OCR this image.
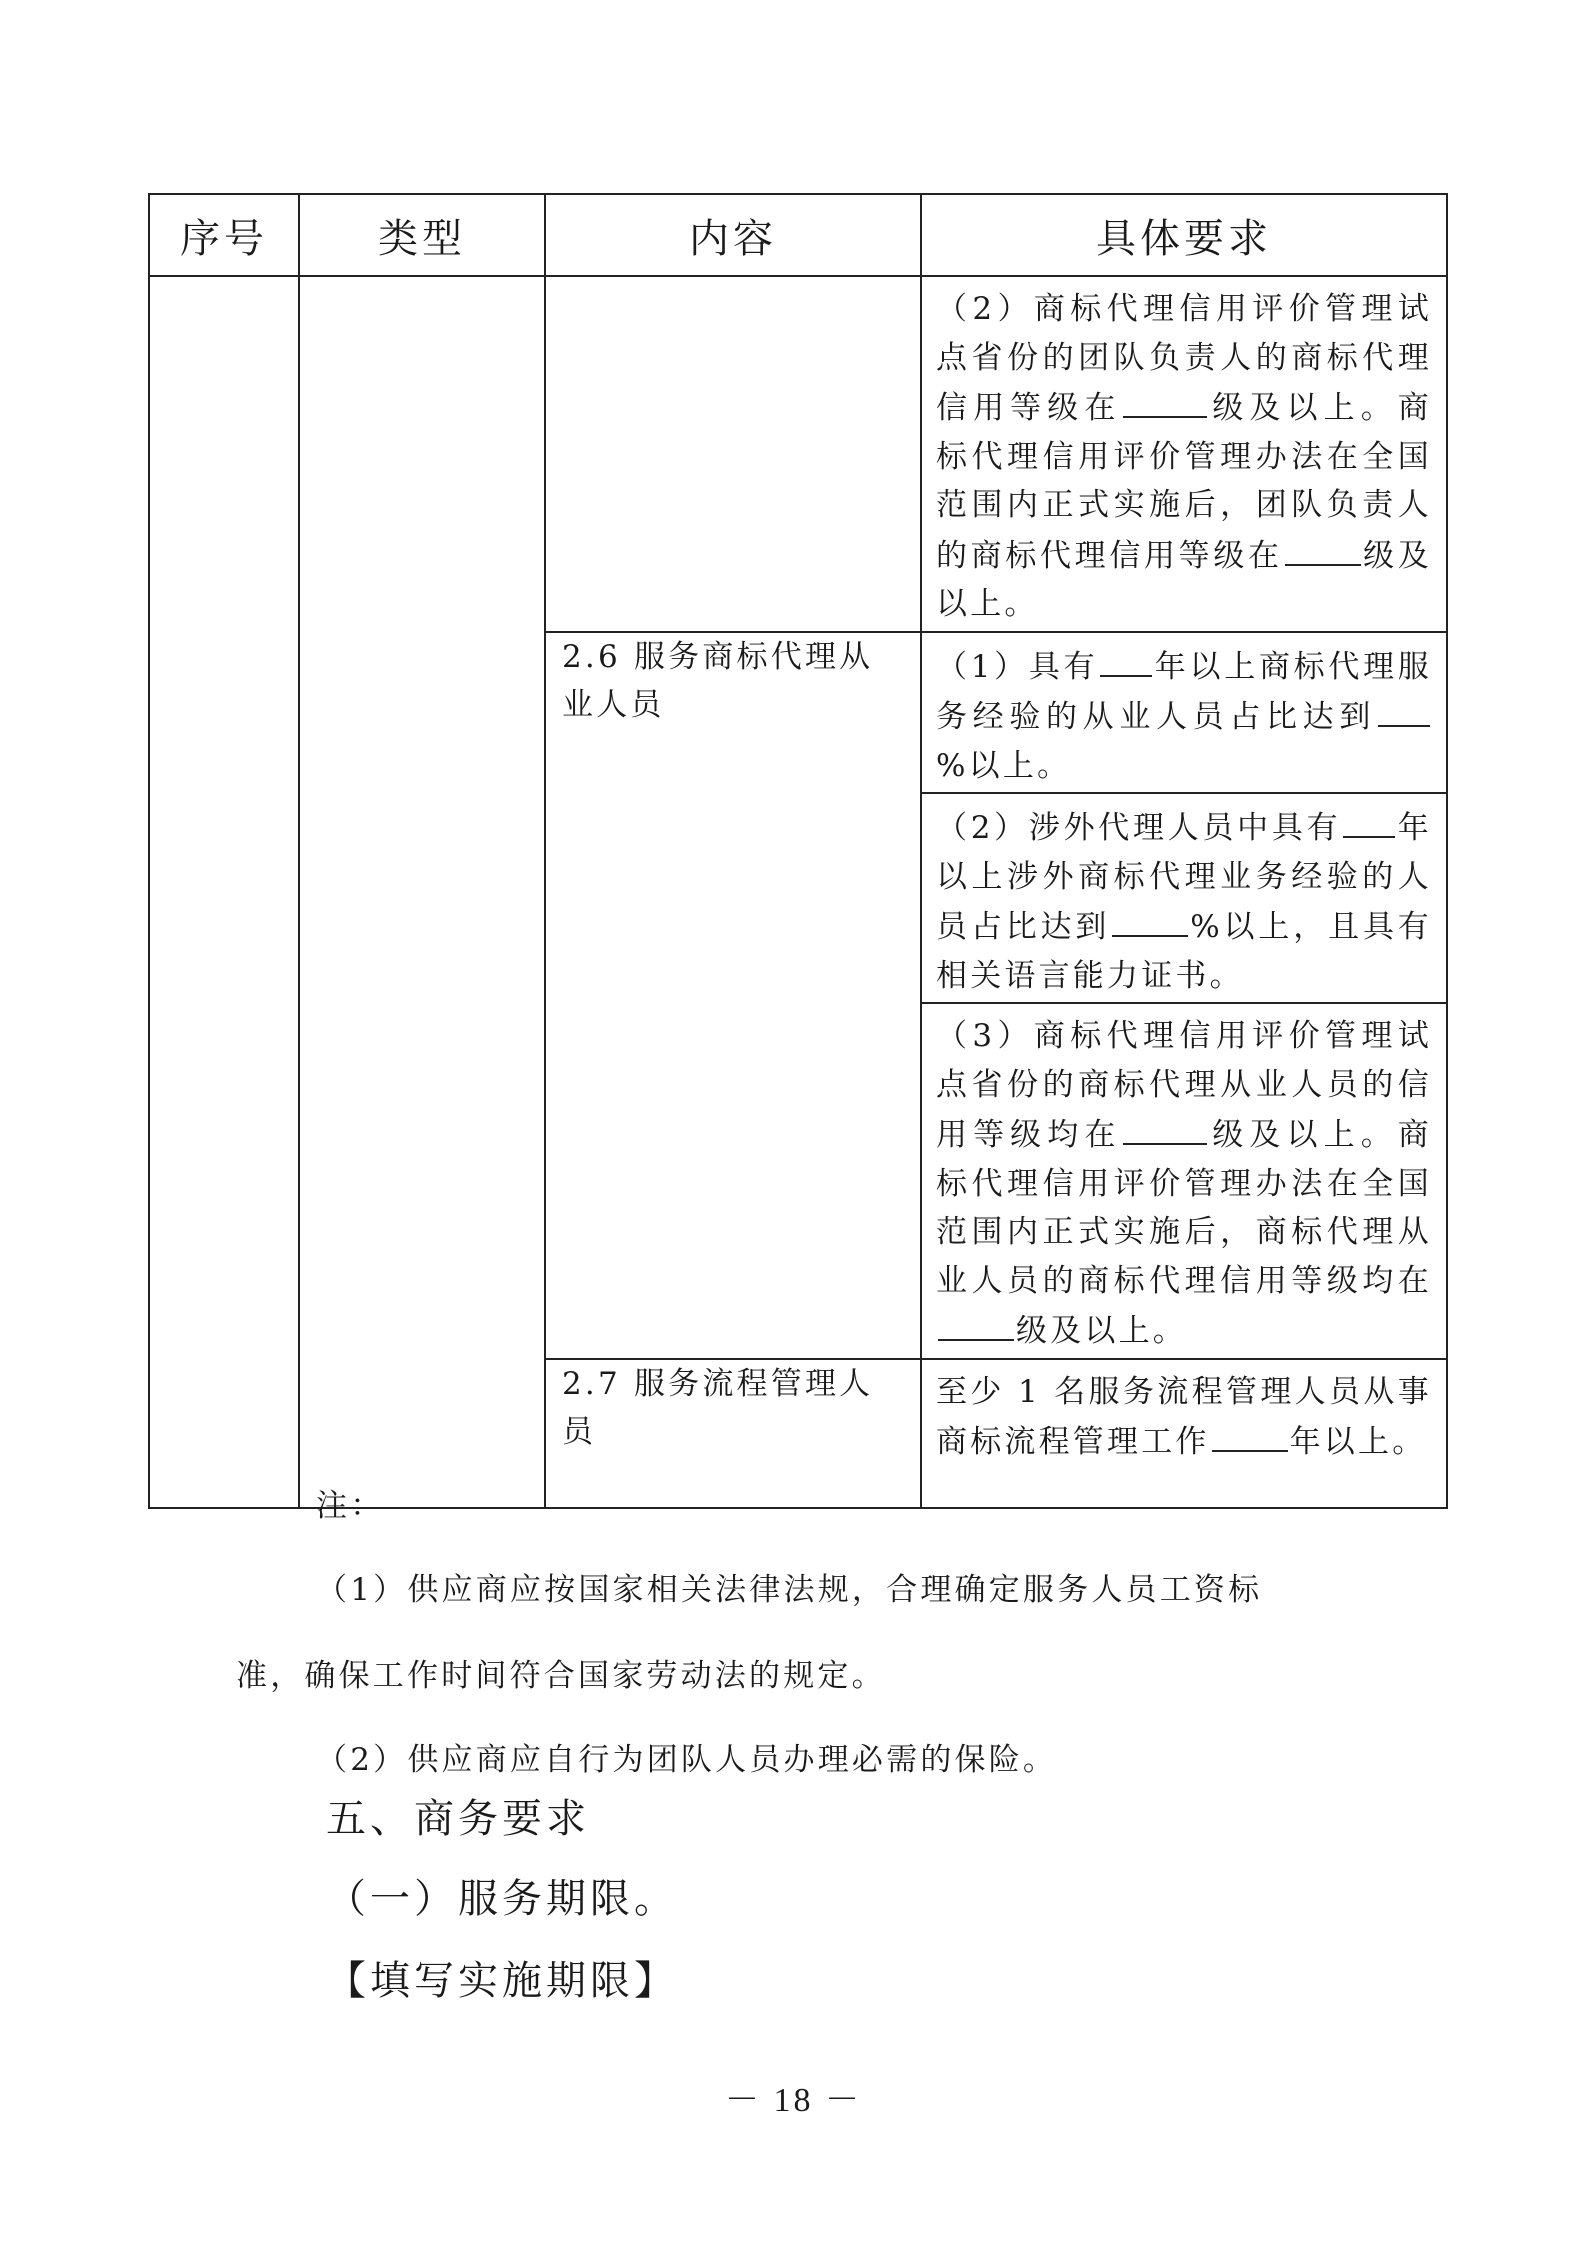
序号	类型	内容	具体要求

			（2）商标代理信用评价管理试点省份的团队负责人的商标代理信用等级在 级及以上。商标代理信用评价管理办法在全国范围内正式实施后，团队负责人的商标代理信用等级在 级及以上。

		2.6 服务商标代理从业人员	（1）具有 年以上商标代理服务经验的从业人员占比达到%以上。

			（2）涉外代理人员中具有 年以上涉外商标代理业务经验的人员占比达到 %以上，且具有相关语言能力证书。

			（3）商标代理信用评价管理试点省份的商标代理从业人员的信用等级均在 级及以上。商标代理信用评价管理办法在全国范围内正式实施后，商标代理从业人员的商标代理信用等级均在级及以上。

		2.7 服务流程管理人员	至少 1 名服务流程管理人员从事商标流程管理工作 年以上。
注：
（1）供应商应按国家相关法律法规，合理确定服务人员工资标
准，确保工作时间符合国家劳动法的规定。
（2）供应商应自行为团队人员办理必需的保险。
五、商务要求
（一）服务期限。
【填写实施期限】
－ 18 －
